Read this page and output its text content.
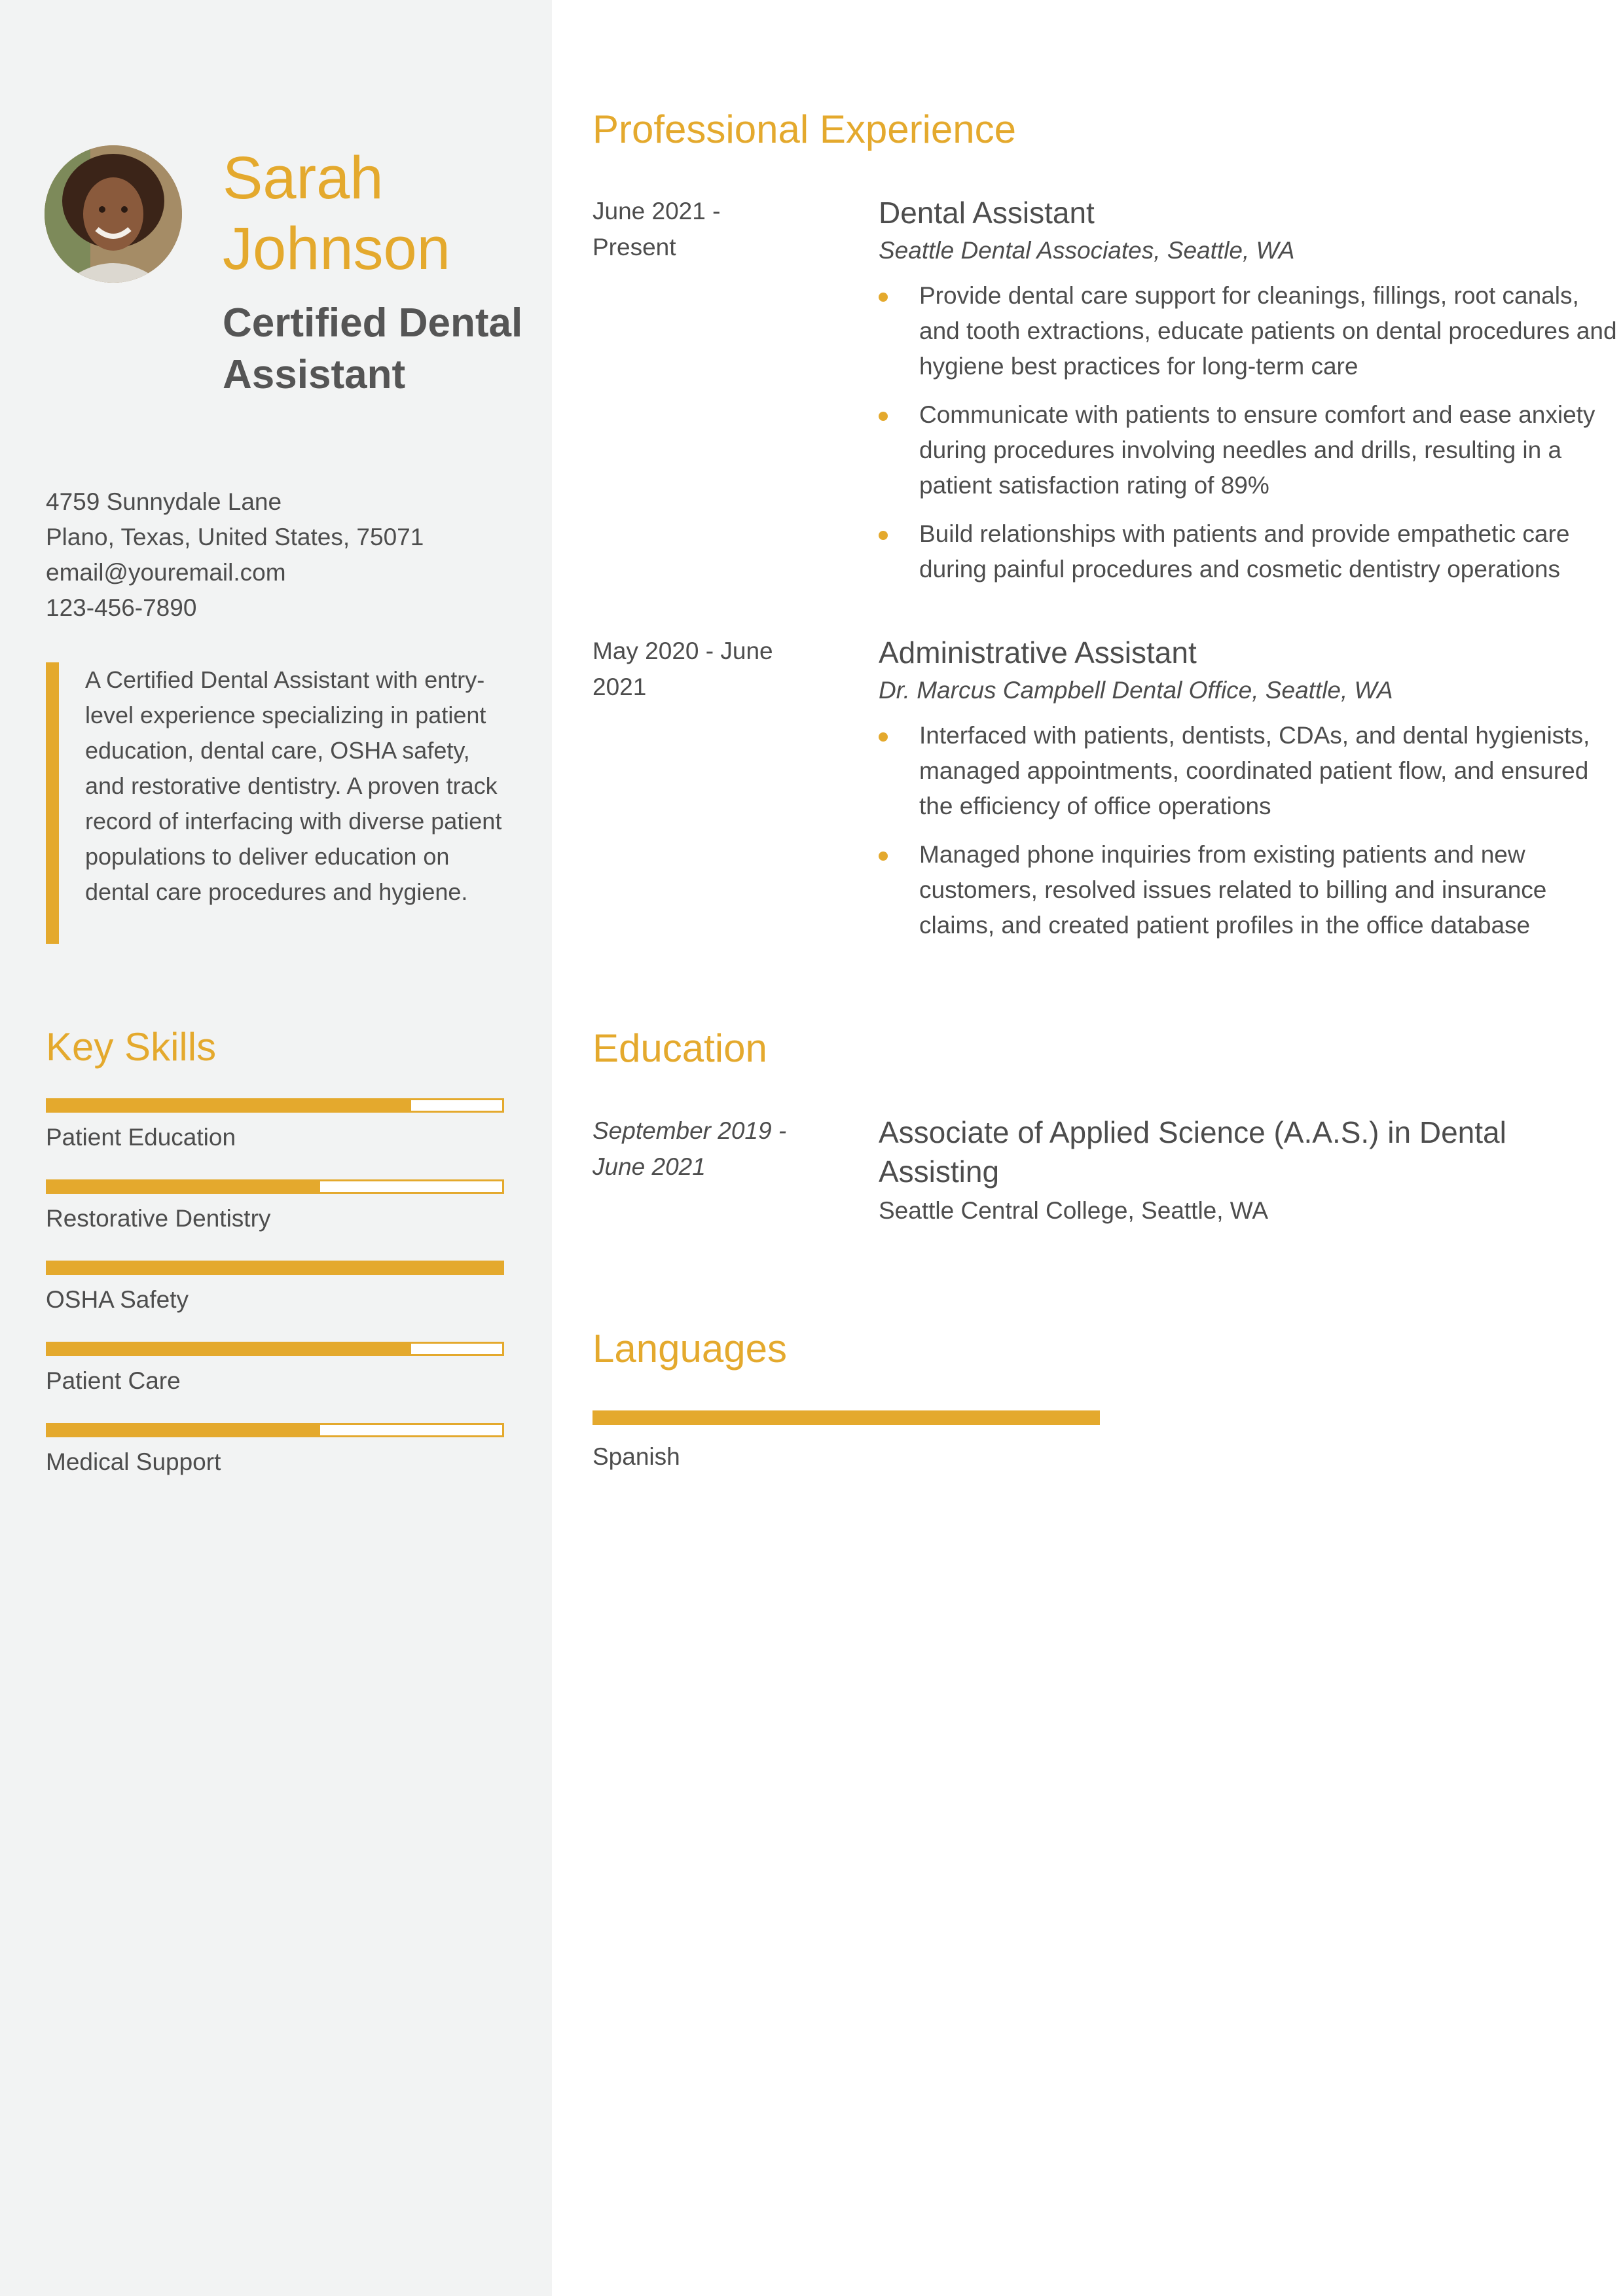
Sarah Johnson
Certified Dental Assistant
4759 Sunnydale Lane
Plano, Texas, United States, 75071
email@youremail.com
123-456-7890
A Certified Dental Assistant with entry-level experience specializing in patient education, dental care, OSHA safety, and restorative dentistry. A proven track record of interfacing with diverse patient populations to deliver education on dental care procedures and hygiene.
Key Skills
Patient Education
Restorative Dentistry
OSHA Safety
Patient Care
Medical Support
Professional Experience
June 2021 - Present
Dental Assistant
Seattle Dental Associates, Seattle, WA
Provide dental care support for cleanings, fillings, root canals, and tooth extractions, educate patients on dental procedures and hygiene best practices for long-term care
Communicate with patients to ensure comfort and ease anxiety during procedures involving needles and drills, resulting in a patient satisfaction rating of 89%
Build relationships with patients and provide empathetic care during painful procedures and cosmetic dentistry operations
May 2020 - June 2021
Administrative Assistant
Dr. Marcus Campbell Dental Office, Seattle, WA
Interfaced with patients, dentists, CDAs, and dental hygienists, managed appointments, coordinated patient flow, and ensured the efficiency of office operations
Managed phone inquiries from existing patients and new customers, resolved issues related to billing and insurance claims, and created patient profiles in the office database
Education
September 2019 - June 2021
Associate of Applied Science (A.A.S.) in Dental Assisting
Seattle Central College, Seattle, WA
Languages
Spanish
